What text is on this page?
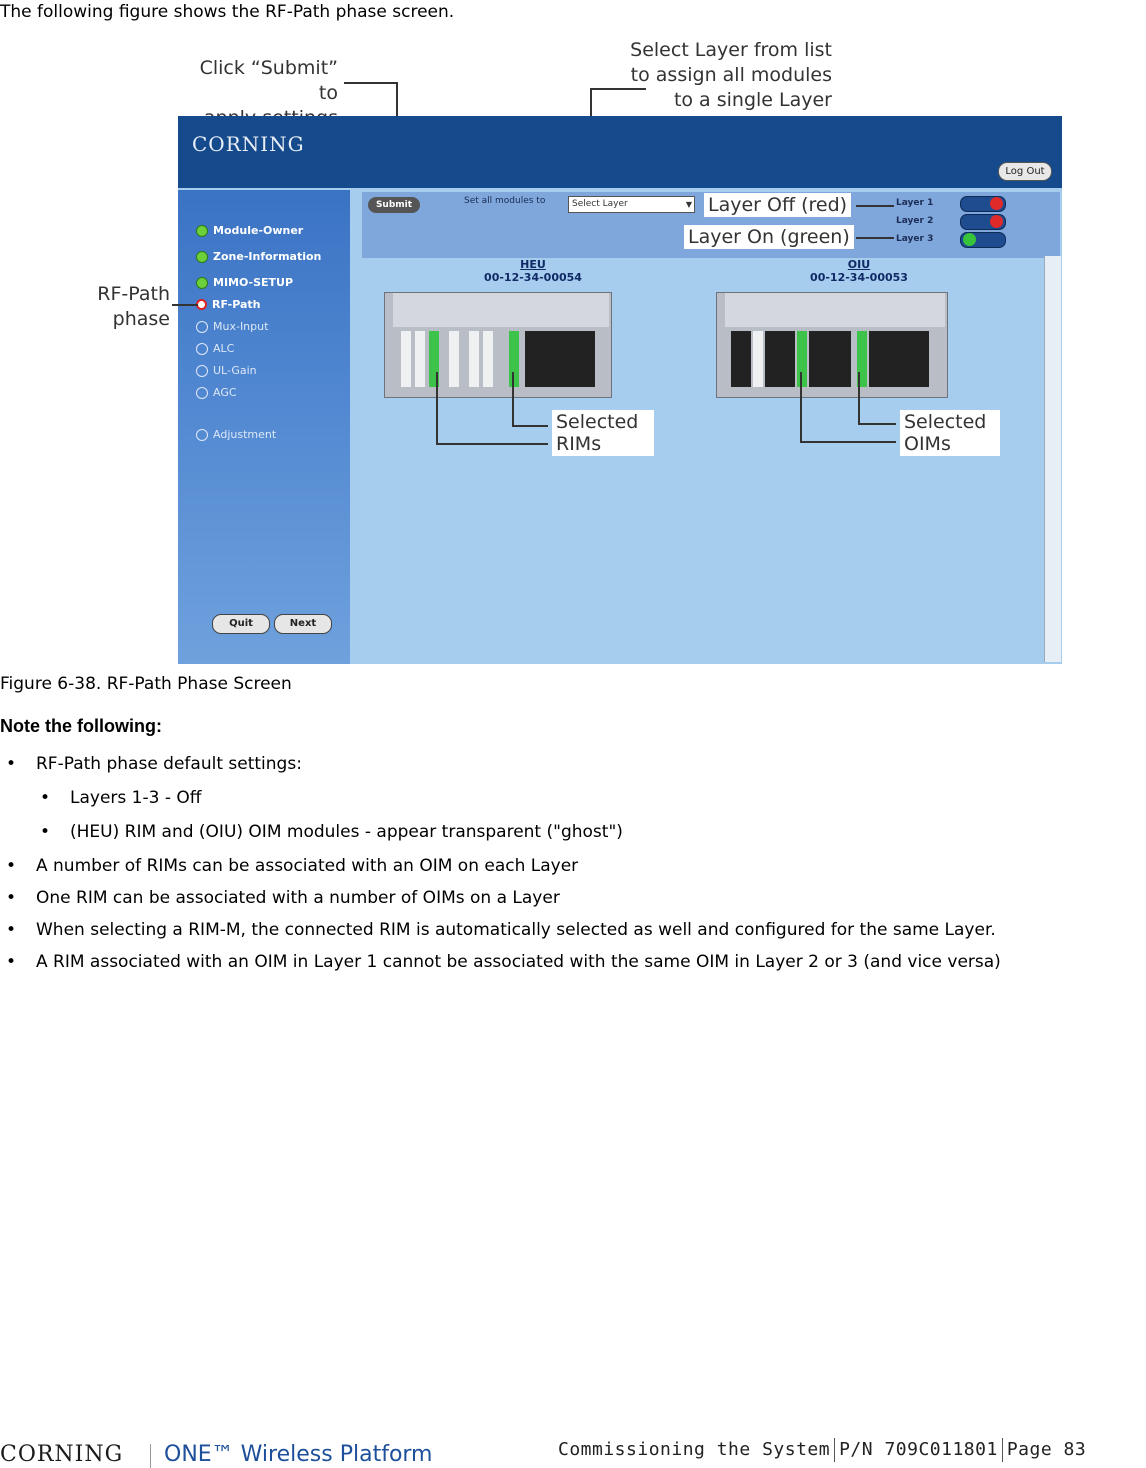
The following figure shows the RF-Path phase screen.
Click “Submit” to
Select Layer from list
to assign all modules
to a single Layer
RF-Path
phase
CORNING
Log Out
Module-Owner
Zone-Information
MIMO-SETUP
RF-Path
Mux-Input
ALC
UL-Gain
AGC
Adjustment
Quit	Next
Submit	Set all modules to	Select Layer	▼	Layer 1
Layer 2
Layer 3
HEU
00-12-34-00054
OIU
00-12-34-00053
Layer Off (red)
Layer On (green)
Selected
RIMs
Selected
OIMs
Figure 6-38. RF-Path Phase Screen
Note the following:
•	RF-Path phase default settings:
•	Layers 1-3 - Off
•	(HEU) RIM and (OIU) OIM modules - appear transparent ("ghost")
•	A number of RIMs can be associated with an OIM on each Layer
•	One RIM can be associated with a number of OIMs on a Layer
•	When selecting a RIM-M, the connected RIM is automatically selected as well and configured for the same Layer.
•	A RIM associated with an OIM in Layer 1 cannot be associated with the same OIM in Layer 2 or 3 (and vice versa)
CORNING ONE™ Wireless Platform	Commissioning the System P/N 709C011801 Page 83
